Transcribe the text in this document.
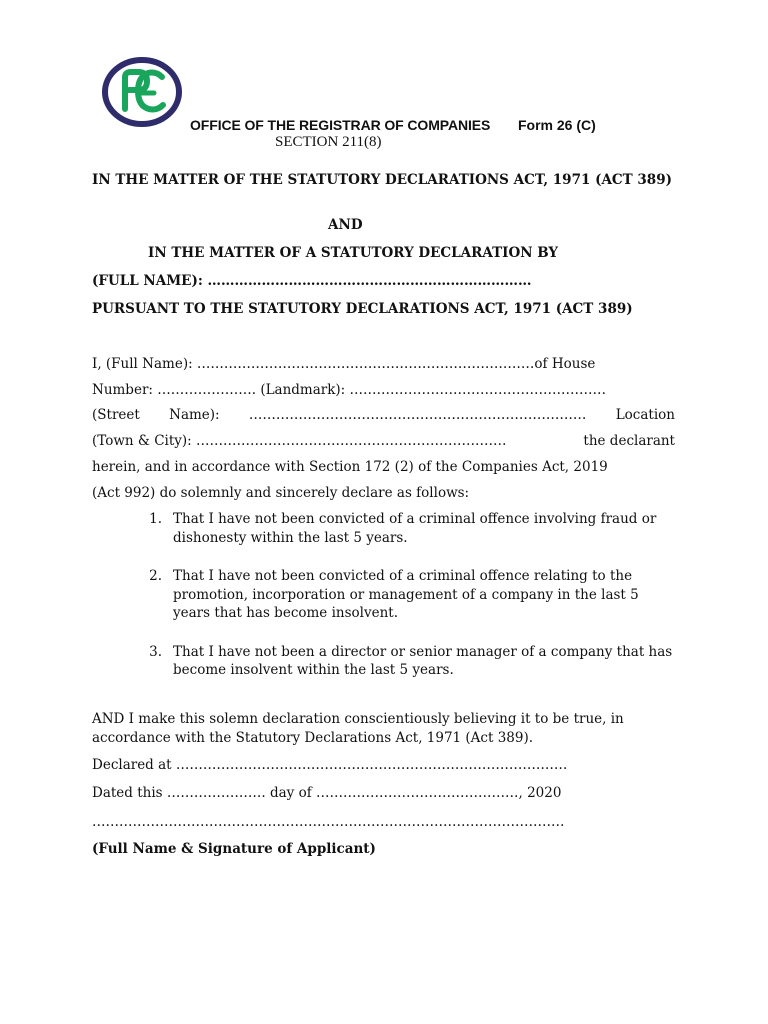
OFFICE OF THE REGISTRAR OF COMPANIES Form 26 (C)
SECTION 211(8)
IN THE MATTER OF THE STATUTORY DECLARATIONS ACT, 1971 (ACT 389)
AND
IN THE MATTER OF A STATUTORY DECLARATION BY
(FULL NAME): ………………………………………………………………
PURSUANT TO THE STATUTORY DECLARATIONS ACT, 1971 (ACT 389)
I, (Full Name): …………………………………………………………………of House
Number: …………………. (Landmark): …………………………………………………
(Street Name): ………………………………………………………………… Location
(Town & City): ……………………………………………………………	the declarant
herein, and in accordance with Section 172 (2) of the Companies Act, 2019
(Act 992) do solemnly and sincerely declare as follows:
1. That I have not been convicted of a criminal offence involving fraud or dishonesty within the last 5 years.
2. That I have not been convicted of a criminal offence relating to the promotion, incorporation or management of a company in the last 5 years that has become insolvent.
3. That I have not been a director or senior manager of a company that has become insolvent within the last 5 years.
AND I make this solemn declaration conscientiously believing it to be true, in accordance with the Statutory Declarations Act, 1971 (Act 389).
Declared at ……………………………………………………………………………
Dated this …………………. day of ………………………………………, 2020
……………………………………………………………………………………………
(Full Name & Signature of Applicant)
